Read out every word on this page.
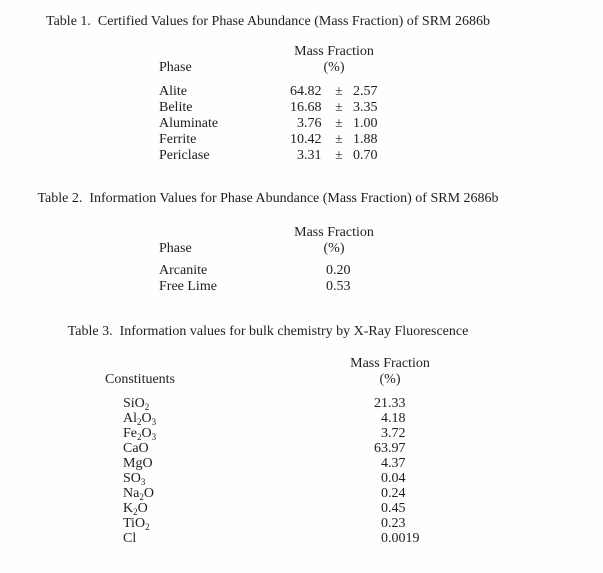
Table 1.  Certified Values for Phase Abundance (Mass Fraction) of SRM 2686b
Mass Fraction
(%)
Phase
Alite	64 .82 ± 2.57
Belite	16 .68 ± 3.35
Aluminate	3 .76 ± 1.00
Ferrite	10 .42 ± 1.88
Periclase	3 .31 ± 0.70
Table 2.  Information Values for Phase Abundance (Mass Fraction) of SRM 2686b
Mass Fraction
(%)
Phase
Arcanite	0 .20
Free Lime	0 .53
Table 3.  Information values for bulk chemistry by X-Ray Fluorescence
Mass Fraction
(%)
Constituents
SiO$_2$	21 .33
$Al_2O_3$	4 .18
$Fe_2O_3$	3 .72
CaO	63 .97
MgO	4 .37
$SO_3$	0 .04
$Na_2O$	0 .24
$K_2O$	0 .45
TiO$_2$	0 .23
Cl	0 .0019
